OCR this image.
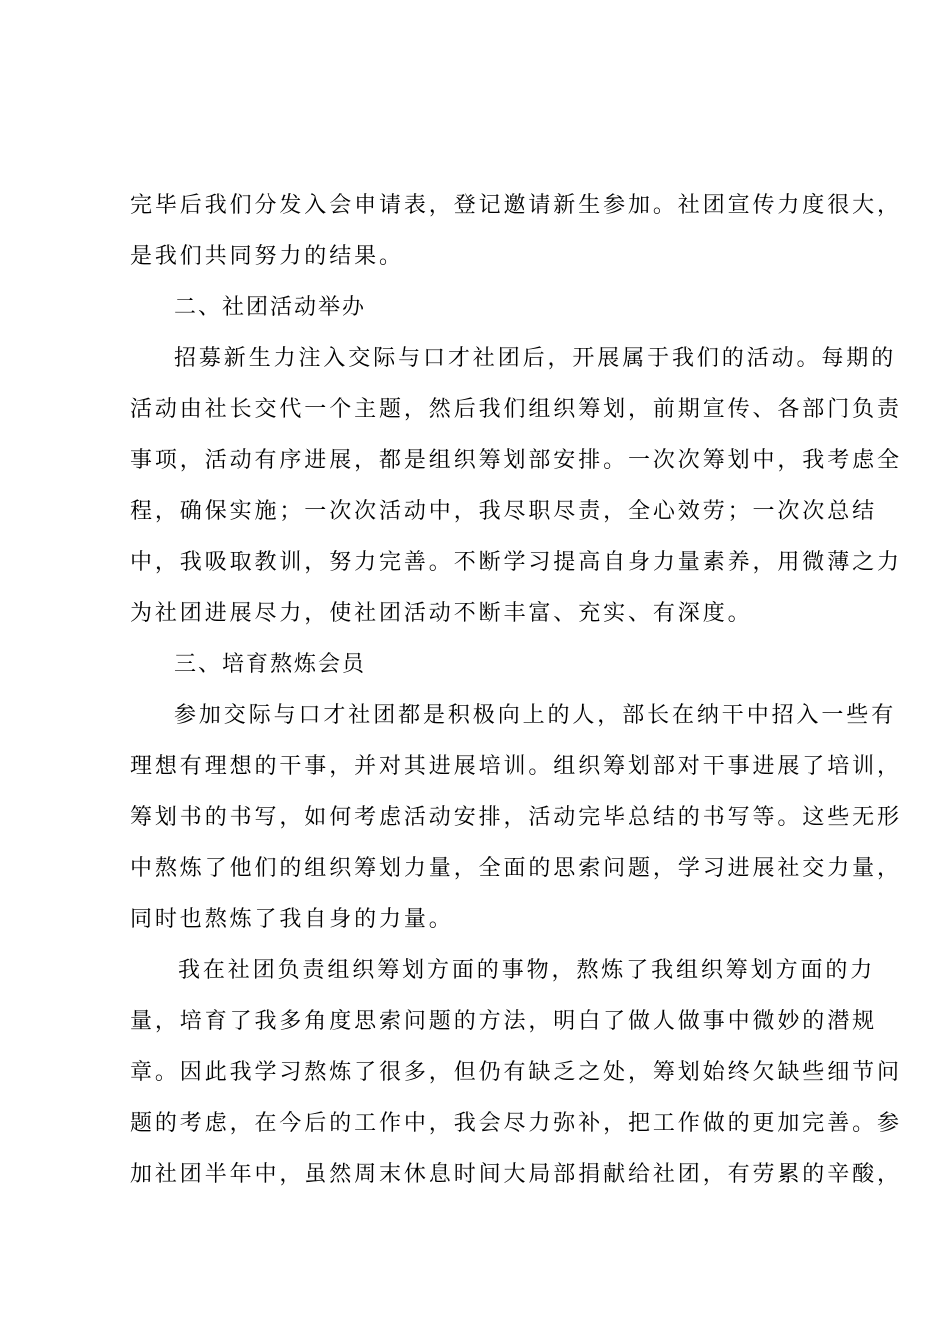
完毕后我们分发入会申请表，登记邀请新生参加。社团宣传力度很大，
是我们共同努力的结果。
二、社团活动举办
招募新生力注入交际与口才社团后，开展属于我们的活动。每期的
活动由社长交代一个主题，然后我们组织筹划，前期宣传、各部门负责
事项，活动有序进展，都是组织筹划部安排。一次次筹划中，我考虑全
程，确保实施；一次次活动中，我尽职尽责，全心效劳；一次次总结
中，我吸取教训，努力完善。不断学习提高自身力量素养，用微薄之力
为社团进展尽力，使社团活动不断丰富、充实、有深度。
三、培育熬炼会员
参加交际与口才社团都是积极向上的人，部长在纳干中招入一些有
理想有理想的干事，并对其进展培训。组织筹划部对干事进展了培训，
筹划书的书写，如何考虑活动安排，活动完毕总结的书写等。这些无形
中熬炼了他们的组织筹划力量，全面的思索问题，学习进展社交力量，
同时也熬炼了我自身的力量。
我在社团负责组织筹划方面的事物，熬炼了我组织筹划方面的力
量，培育了我多角度思索问题的方法，明白了做人做事中微妙的潜规
章。因此我学习熬炼了很多，但仍有缺乏之处，筹划始终欠缺些细节问
题的考虑，在今后的工作中，我会尽力弥补，把工作做的更加完善。参
加社团半年中，虽然周末休息时间大局部捐献给社团，有劳累的辛酸，
